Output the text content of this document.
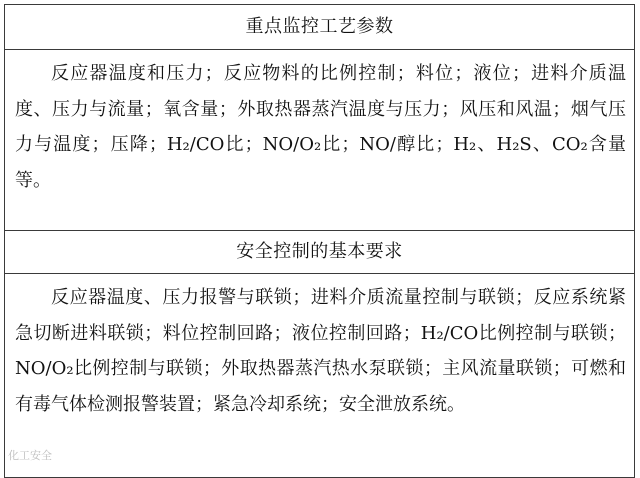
重点监控工艺参数
反应器温度和压力；反应物料的比例控制；料位；液位；进料介质温度、压力与流量；氧含量；外取热器蒸汽温度与压力；风压和风温；烟气压力与温度；压降；H₂/CO比；NO/O₂比；NO/醇比；H₂、H₂S、CO₂含量等。
安全控制的基本要求
反应器温度、压力报警与联锁；进料介质流量控制与联锁；反应系统紧急切断进料联锁；料位控制回路；液位控制回路；H₂/CO比例控制与联锁；NO/O₂比例控制与联锁；外取热器蒸汽热水泵联锁；主风流量联锁；可燃和有毒气体检测报警装置；紧急冷却系统；安全泄放系统。
化工安全
